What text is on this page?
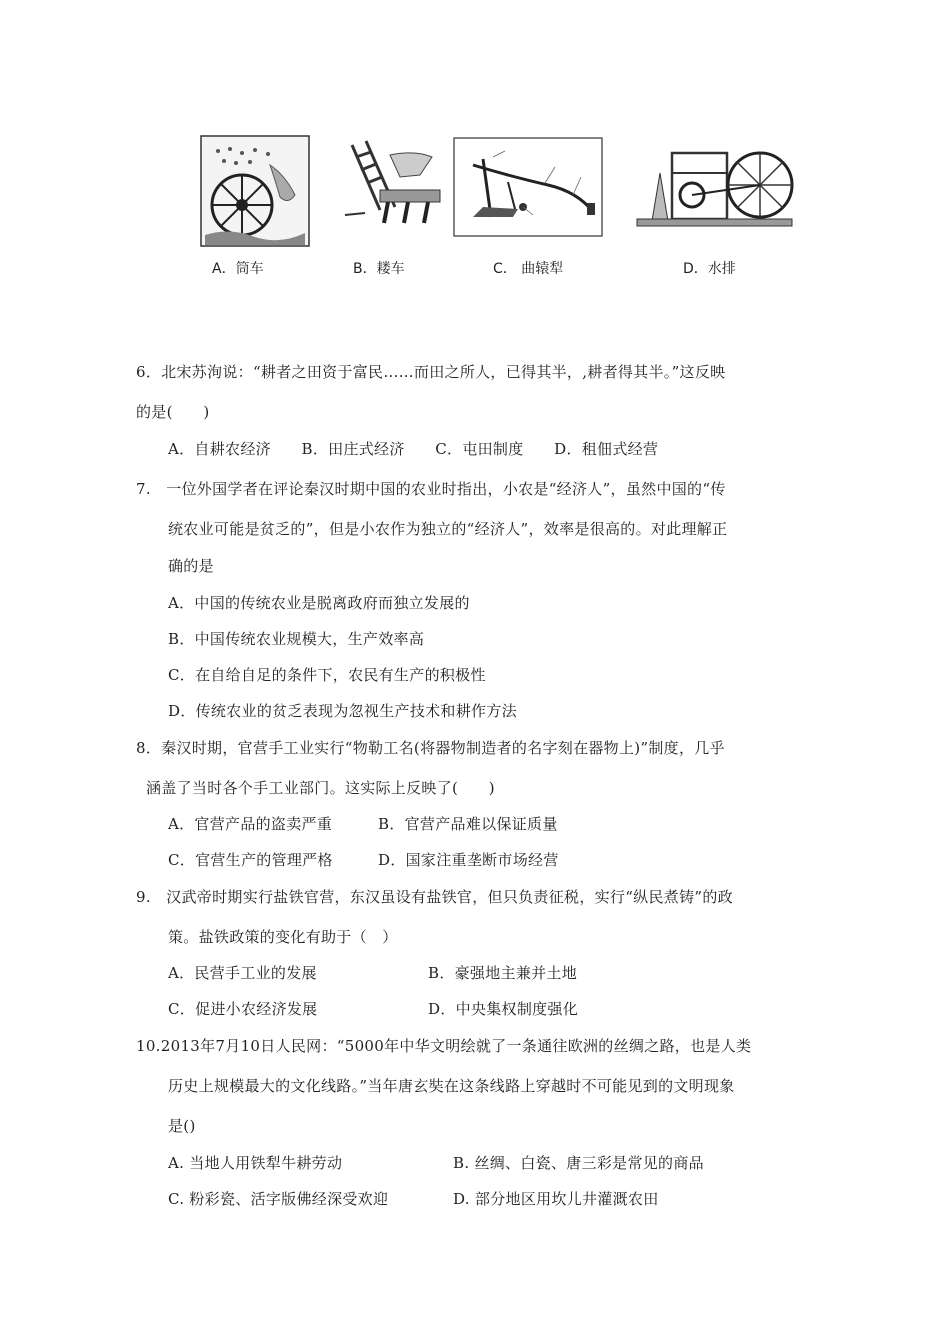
A．筒车	B．耧车	C． 曲辕犁	D．水排
6．北宋苏洵说：“耕者之田资于富民……而田之所人，已得其半，,耕者得其半。”这反映
的是(　　)
A．自耕农经济　　B．田庄式经济　　C．屯田制度　　D．租佃式经营
7.　一位外国学者在评论秦汉时期中国的农业时指出，小农是“经济人”，虽然中国的“传
统农业可能是贫乏的”，但是小农作为独立的“经济人”，效率是很高的。对此理解正
确的是
A．中国的传统农业是脱离政府而独立发展的
B．中国传统农业规模大，生产效率高
C．在自给自足的条件下，农民有生产的积极性
D．传统农业的贫乏表现为忽视生产技术和耕作方法
8．秦汉时期，官营手工业实行“物勒工名(将器物制造者的名字刻在器物上)”制度，几乎
涵盖了当时各个手工业部门。这实际上反映了(　　)
A．官营产品的盗卖严重	B．官营产品难以保证质量
C．官营生产的管理严格	D．国家注重垄断市场经营
9.　汉武帝时期实行盐铁官营，东汉虽设有盐铁官，但只负责征税，实行“纵民煮铸”的政
策。盐铁政策的变化有助于（　）
A．民营手工业的发展	B．豪强地主兼并土地
C．促进小农经济发展	D．中央集权制度强化
10.2013年7月10日人民网：“5000年中华文明绘就了一条通往欧洲的丝绸之路，也是人类
历史上规模最大的文化线路。”当年唐玄奘在这条线路上穿越时不可能见到的文明现象
是()
A. 当地人用铁犁牛耕劳动	B. 丝绸、白瓷、唐三彩是常见的商品
C. 粉彩瓷、活字版佛经深受欢迎	D. 部分地区用坎儿井灌溉农田
